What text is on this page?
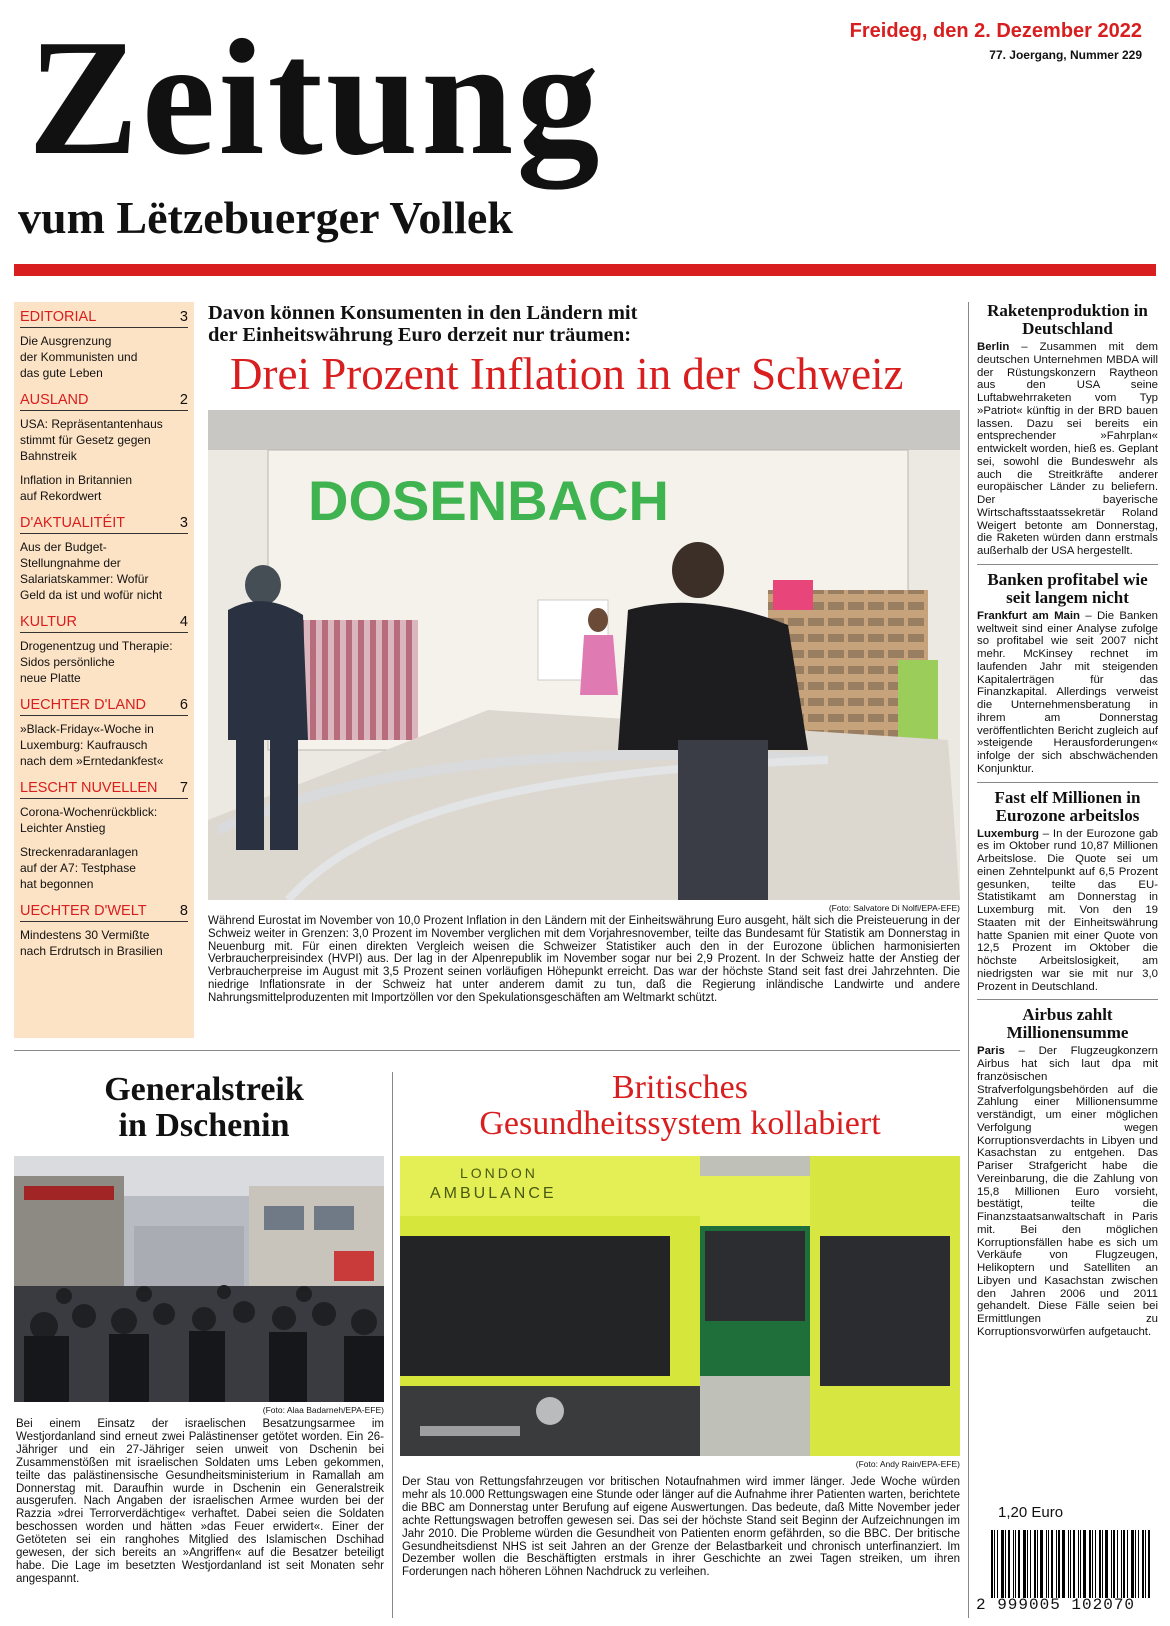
Zeitung
vum Lëtzebuerger Vollek
Freideg, den 2. Dezember 2022
77. Joergang, Nummer 229
EDITORIAL	3
Die Ausgrenzung
der Kommunisten und
das gute Leben
AUSLAND	2
USA: Repräsentantenhaus
stimmt für Gesetz gegen
Bahnstreik
Inflation in Britannien
auf Rekordwert
D'AKTUALITÉIT	3
Aus der Budget-
Stellungnahme der
Salariatskammer: Wofür
Geld da ist und wofür nicht
KULTUR	4
Drogenentzug und Therapie:
Sidos persönliche
neue Platte
UECHTER D'LAND 6
»Black-Friday«-Woche in
Luxemburg: Kaufrausch
nach dem »Erntedankfest«
LESCHT NUVELLEN 7
Corona-Wochenrückblick:
Leichter Anstieg
Streckenradaranlagen
auf der A7: Testphase
hat begonnen
UECHTER D'WELT 8
Mindestens 30 Vermißte
nach Erdrutsch in Brasilien
Davon können Konsumenten in den Ländern mit
der Einheitswährung Euro derzeit nur träumen:
Drei Prozent Inflation in der Schweiz
DOSENBACH
(Foto: Salvatore Di Nolfi/EPA-EFE)
Während Eurostat im November von 10,0 Prozent Inflation in den Ländern mit der Einheitswährung Euro ausgeht, hält sich die Preisteuerung in der Schweiz weiter in Grenzen: 3,0 Prozent im November verglichen mit dem Vorjahresnovember, teilte das Bundesamt für Statistik am Donnerstag in Neuenburg mit. Für einen direkten Vergleich weisen die Schweizer Statistiker auch den in der Eurozone üblichen harmonisierten Verbraucherpreisindex (HVPI) aus. Der lag in der Alpenrepublik im November sogar nur bei 2,9 Prozent. In der Schweiz hatte der Anstieg der Verbraucherpreise im August mit 3,5 Prozent seinen vorläufigen Höhepunkt erreicht. Das war der höchste Stand seit fast drei Jahrzehnten. Die niedrige Inflationsrate in der Schweiz hat unter anderem damit zu tun, daß die Regierung inländische Landwirte und andere Nahrungsmittelproduzenten mit Importzöllen vor den Spekulationsgeschäften am Weltmarkt schützt.
Raketenproduktion in Deutschland

Berlin – Zusammen mit dem deutschen Unternehmen MBDA will der Rüstungskonzern Raytheon aus den USA seine Luftabwehrraketen vom Typ »Patriot« künftig in der BRD bauen lassen. Dazu sei bereits ein entsprechender »Fahrplan« entwickelt worden, hieß es. Geplant sei, sowohl die Bundeswehr als auch die Streitkräfte anderer europäischer Länder zu beliefern. Der bayerische Wirtschaftsstaatssekretär Roland Weigert betonte am Donnerstag, die Raketen würden dann erstmals außerhalb der USA hergestellt.

Banken profitabel wie seit langem nicht

Frankfurt am Main – Die Banken weltweit sind einer Analyse zufolge so profitabel wie seit 2007 nicht mehr. McKinsey rechnet im laufenden Jahr mit steigenden Kapitalerträgen für das Finanzkapital. Allerdings verweist die Unternehmensberatung in ihrem am Donnerstag veröffentlichten Bericht zugleich auf »steigende Herausforderungen« infolge der sich abschwächenden Konjunktur.

Fast elf Millionen in Eurozone arbeitslos

Luxemburg – In der Eurozone gab es im Oktober rund 10,87 Millionen Arbeitslose. Die Quote sei um einen Zehntelpunkt auf 6,5 Prozent gesunken, teilte das EU-Statistikamt am Donnerstag in Luxemburg mit. Von den 19 Staaten mit der Einheitswährung hatte Spanien mit einer Quote von 12,5 Prozent im Oktober die höchste Arbeitslosigkeit, am niedrigsten war sie mit nur 3,0 Prozent in Deutschland.

Airbus zahlt Millionensumme

Paris – Der Flugzeugkonzern Airbus hat sich laut dpa mit französischen Strafverfolgungsbehörden auf die Zahlung einer Millionensumme verständigt, um einer möglichen Verfolgung wegen Korruptionsverdachts in Libyen und Kasachstan zu entgehen. Das Pariser Strafgericht habe die Vereinbarung, die die Zahlung von 15,8 Millionen Euro vorsieht, bestätigt, teilte die Finanzstaatsanwaltschaft in Paris mit. Bei den möglichen Korruptionsfällen habe es sich um Verkäufe von Flugzeugen, Helikoptern und Satelliten an Libyen und Kasachstan zwischen den Jahren 2006 und 2011 gehandelt. Diese Fälle seien bei Ermittlungen zu Korruptionsvorwürfen aufgetaucht.

1,20 Euro
2 999005 102070
Generalstreik
in Dschenin
(Foto: Alaa Badarneh/EPA-EFE)
Bei einem Einsatz der israelischen Besatzungsarmee im Westjordanland sind erneut zwei Palästinenser getötet worden. Ein 26-Jähriger und ein 27-Jähriger seien unweit von Dschenin bei Zusammenstößen mit israelischen Soldaten ums Leben gekommen, teilte das palästinensische Gesundheitsministerium in Ramallah am Donnerstag mit. Daraufhin wurde in Dschenin ein Generalstreik ausgerufen. Nach Angaben der israelischen Armee wurden bei der Razzia »drei Terrorverdächtige« verhaftet. Dabei seien die Soldaten beschossen worden und hätten »das Feuer erwidert«. Einer der Getöteten sei ein ranghohes Mitglied des Islamischen Dschihad gewesen, der sich bereits an »Angriffen« auf die Besatzer beteiligt habe. Die Lage im besetzten Westjordanland ist seit Monaten sehr angespannt.
Britisches
Gesundheitssystem kollabiert
LONDON
AMBULANCE
(Foto: Andy Rain/EPA-EFE)
Der Stau von Rettungsfahrzeugen vor britischen Notaufnahmen wird immer länger. Jede Woche würden mehr als 10.000 Rettungswagen eine Stunde oder länger auf die Aufnahme ihrer Patienten warten, berichtete die BBC am Donnerstag unter Berufung auf eigene Auswertungen. Das bedeute, daß Mitte November jeder achte Rettungswagen betroffen gewesen sei. Das sei der höchste Stand seit Beginn der Aufzeichnungen im Jahr 2010. Die Probleme würden die Gesundheit von Patienten enorm gefährden, so die BBC. Der britische Gesundheitsdienst NHS ist seit Jahren an der Grenze der Belastbarkeit und chronisch unterfinanziert. Im Dezember wollen die Beschäftigten erstmals in ihrer Geschichte an zwei Tagen streiken, um ihren Forderungen nach höheren Löhnen Nachdruck zu verleihen.
